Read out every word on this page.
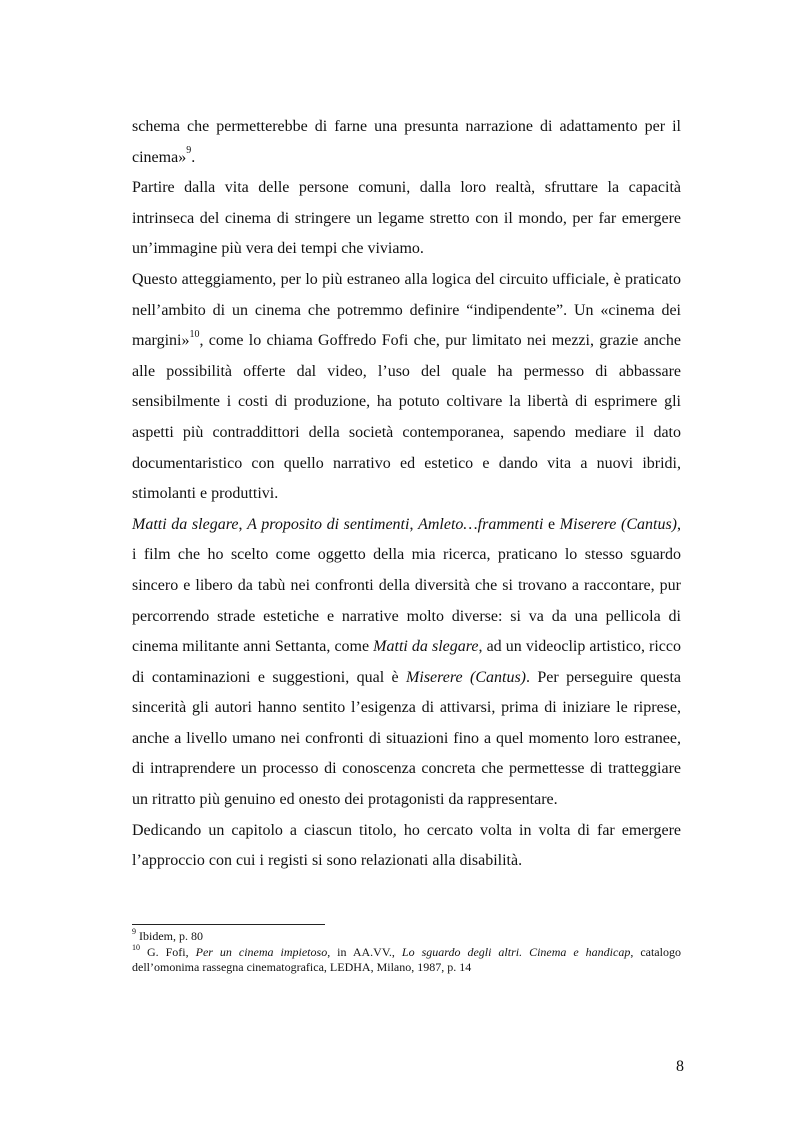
schema che permetterebbe di farne una presunta narrazione di adattamento per il cinema»$^9$.

Partire dalla vita delle persone comuni, dalla loro realtà, sfruttare la capacità intrinseca del cinema di stringere un legame stretto con il mondo, per far emergere un’immagine più vera dei tempi che viviamo.

Questo atteggiamento, per lo più estraneo alla logica del circuito ufficiale, è praticato nell’ambito di un cinema che potremmo definire “indipendente”. Un «cinema dei margini»$^{10}$, come lo chiama Goffredo Fofi che, pur limitato nei mezzi, grazie anche alle possibilità offerte dal video, l’uso del quale ha permesso di abbassare sensibilmente i costi di produzione, ha potuto coltivare la libertà di esprimere gli aspetti più contraddittori della società contemporanea, sapendo mediare il dato documentaristico con quello narrativo ed estetico e dando vita a nuovi ibridi, stimolanti e produttivi.

Matti da slegare, A proposito di sentimenti, Amleto…frammenti e Miserere (Cantus), i film che ho scelto come oggetto della mia ricerca, praticano lo stesso sguardo sincero e libero da tabù nei confronti della diversità che si trovano a raccontare, pur percorrendo strade estetiche e narrative molto diverse: si va da una pellicola di cinema militante anni Settanta, come Matti da slegare, ad un videoclip artistico, ricco di contaminazioni e suggestioni, qual è Miserere (Cantus). Per perseguire questa sincerità gli autori hanno sentito l’esigenza di attivarsi, prima di iniziare le riprese, anche a livello umano nei confronti di situazioni fino a quel momento loro estranee, di intraprendere un processo di conoscenza concreta che permettesse di tratteggiare un ritratto più genuino ed onesto dei protagonisti da rappresentare.

Dedicando un capitolo a ciascun titolo, ho cercato volta in volta di far emergere l’approccio con cui i registi si sono relazionati alla disabilità.

$^9$ Ibidem, p. 80

$^{10}$ G. Fofi, Per un cinema impietoso, in AA.VV., Lo sguardo degli altri. Cinema e handicap, catalogo dell’omonima rassegna cinematografica, LEDHA, Milano, 1987, p. 14

8
